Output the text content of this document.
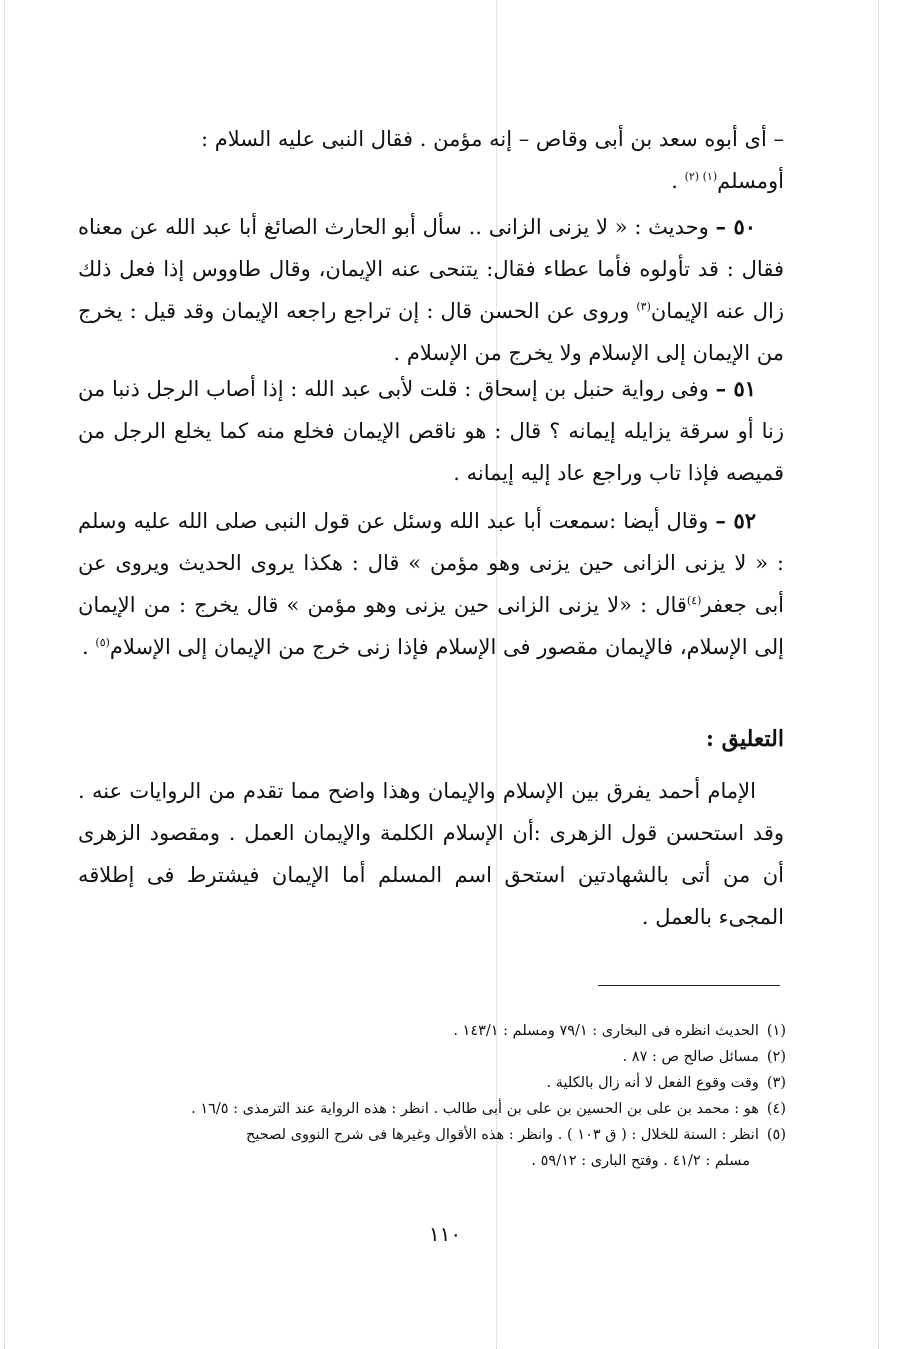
– أى أبوه سعد بن أبى وقاص – إنه مؤمن . فقال النبى عليه السلام :
أومسلم$^{(١) (٢)}$ .

٥٠ – وحديث : « لا يزنى الزانى .. سأل أبو الحارث الصائغ أبا عبد الله عن معناه فقال : قد تأولوه فأما عطاء فقال: يتنحى عنه الإيمان، وقال طاووس إذا فعل ذلك زال عنه الإيمان$^{(٣)}$ وروى عن الحسن قال : إن تراجع راجعه الإيمان وقد قيل : يخرج من الإيمان إلى الإسلام ولا يخرج من الإسلام .

٥١ – وفى رواية حنبل بن إسحاق : قلت لأبى عبد الله : إذا أصاب الرجل ذنبا من زنا أو سرقة يزايله إيمانه ؟ قال : هو ناقص الإيمان فخلع منه كما يخلع الرجل من قميصه فإذا تاب وراجع عاد إليه إيمانه .

٥٢ – وقال أيضا :سمعت أبا عبد الله وسئل عن قول النبى صلى الله عليه وسلم : « لا يزنى الزانى حين يزنى وهو مؤمن » قال : هكذا يروى الحديث ويروى عن أبى جعفر$^{(٤)}$قال : «لا يزنى الزانى حين يزنى وهو مؤمن » قال يخرج : من الإيمان إلى الإسلام، فالإيمان مقصور فى الإسلام فإذا زنى خرج من الإيمان إلى الإسلام$^{(٥)}$ .

التعليق :

الإمام أحمد يفرق بين الإسلام والإيمان وهذا واضح مما تقدم من الروايات عنه . وقد استحسن قول الزهرى :أن الإسلام الكلمة والإيمان العمل . ومقصود الزهرى أن من أتى بالشهادتين استحق اسم المسلم أما الإيمان فيشترط فى إطلاقه المجىء بالعمل .

(١)الحديث انظره فى البخارى : ٧٩/١ ومسلم : ١٤٣/١ .

(٢)مسائل صالح ص : ٨٧ .

(٣)وقت وقوع الفعل لا أنه زال بالكلية .

(٤)هو : محمد بن على بن الحسين بن على بن أبى طالب . انظر : هذه الرواية عند الترمذى : ١٦/٥ .

(٥)انظر : السنة للخلال : ( ق ١٠٣ ) . وانظر : هذه الأقوال وغيرها فى شرح النووى لصحيح

مسلم : ٤١/٢ . وفتح البارى : ٥٩/١٢ .

١١٠
